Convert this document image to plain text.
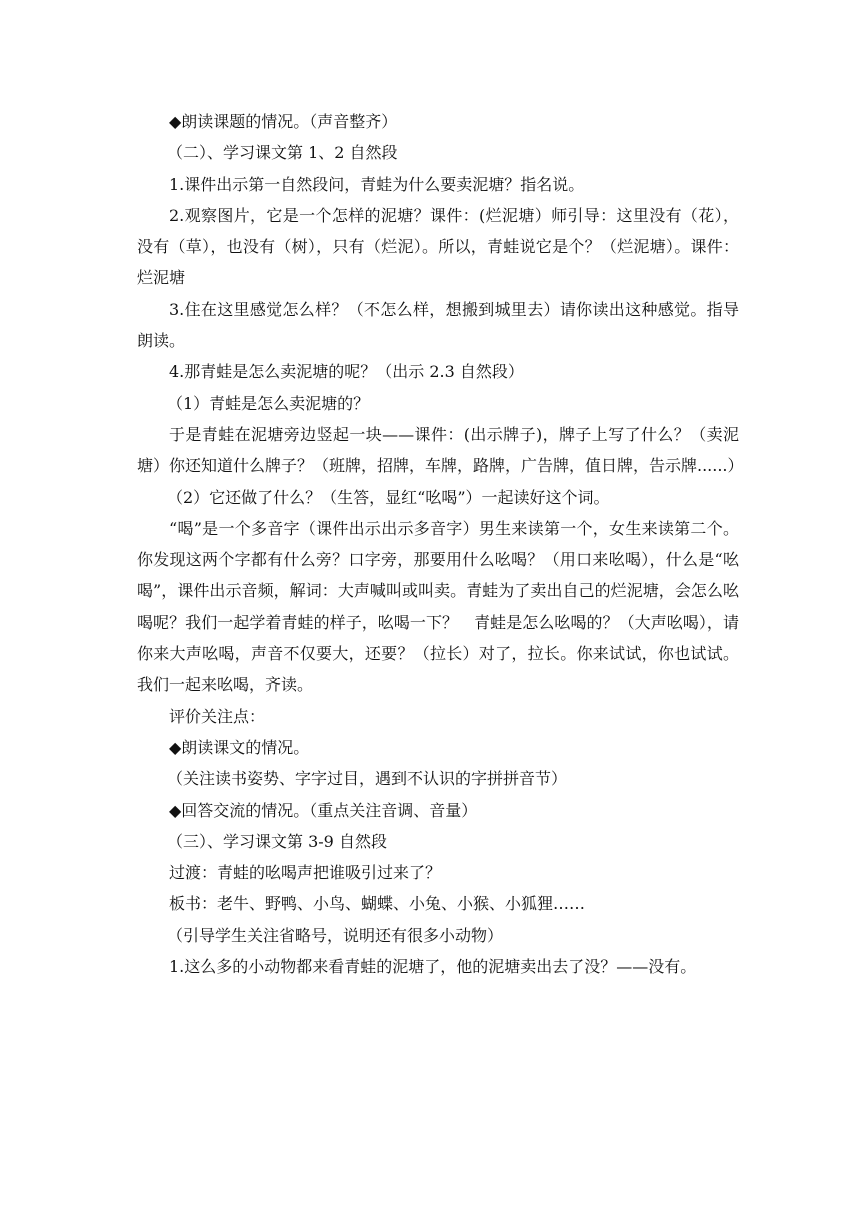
◆朗读课题的情况。（声音整齐）

（二）、学习课文第 1、2 自然段

1.课件出示第一自然段问，青蛙为什么要卖泥塘？指名说。

2.观察图片，它是一个怎样的泥塘？课件：(烂泥塘）师引导：这里没有（花），没有（草），也没有（树），只有（烂泥）。所以，青蛙说它是个？（烂泥塘）。课件：烂泥塘

3.住在这里感觉怎么样？（不怎么样，想搬到城里去）请你读出这种感觉。指导朗读。

4.那青蛙是怎么卖泥塘的呢？（出示 2.3 自然段）

（1）青蛙是怎么卖泥塘的？

于是青蛙在泥塘旁边竖起一块——课件：(出示牌子)，牌子上写了什么？（卖泥塘）你还知道什么牌子？（班牌，招牌，车牌，路牌，广告牌，值日牌，告示牌......）

（2）它还做了什么？（生答，显红“吆喝”）一起读好这个词。

“喝”是一个多音字（课件出示出示多音字）男生来读第一个，女生来读第二个。你发现这两个字都有什么旁？口字旁，那要用什么吆喝？（用口来吆喝），什么是“吆喝”，课件出示音频，解词：大声喊叫或叫卖。青蛙为了卖出自己的烂泥塘，会怎么吆喝呢？我们一起学着青蛙的样子，吆喝一下？　青蛙是怎么吆喝的？（大声吆喝），请你来大声吆喝，声音不仅要大，还要？（拉长）对了，拉长。你来试试，你也试试。我们一起来吆喝，齐读。

评价关注点：

◆朗读课文的情况。

（关注读书姿势、字字过目，遇到不认识的字拼拼音节）

◆回答交流的情况。（重点关注音调、音量）

（三）、学习课文第 3-9 自然段

过渡：青蛙的吆喝声把谁吸引过来了？

板书：老牛、野鸭、小鸟、蝴蝶、小兔、小猴、小狐狸……

（引导学生关注省略号，说明还有很多小动物）

1.这么多的小动物都来看青蛙的泥塘了，他的泥塘卖出去了没？——没有。
